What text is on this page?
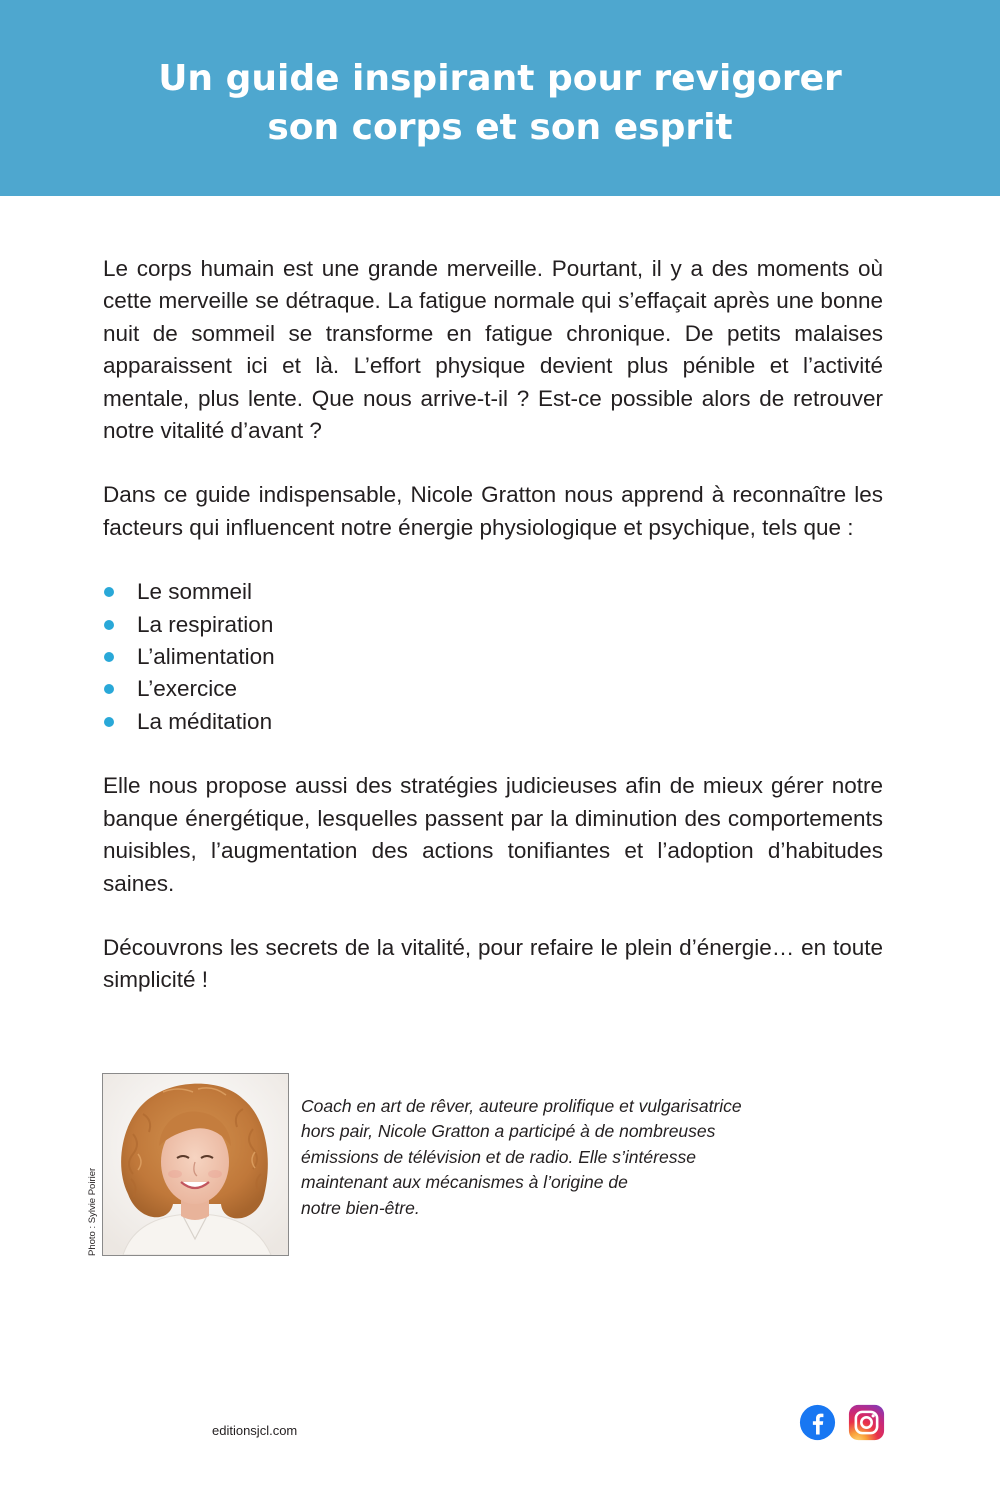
Un guide inspirant pour revigorer
son corps et son esprit

Le corps humain est une grande merveille. Pourtant, il y a des moments où cette merveille se détraque. La fatigue normale qui s’effaçait après une bonne nuit de sommeil se transforme en fatigue chronique. De petits malaises apparaissent ici et là. L’effort physique devient plus pénible et l’activité mentale, plus lente. Que nous arrive-t-il ? Est-ce possible alors de retrouver notre vitalité d’avant ?

Dans ce guide indispensable, Nicole Gratton nous apprend à reconnaître les facteurs qui influencent notre énergie physiologique et psychique, tels que :

Le sommeil
La respiration
L’alimentation
L’exercice
La méditation

Elle nous propose aussi des stratégies judicieuses afin de mieux gérer notre banque énergétique, lesquelles passent par la diminution des comportements nuisibles, l’augmentation des actions tonifiantes et l’adoption d’habitudes saines.

Découvrons les secrets de la vitalité, pour refaire le plein d’énergie… en toute simplicité !

Photo : Sylvie Poirier
Coach en art de rêver, auteure prolifique et vulgarisatrice
hors pair, Nicole Gratton a participé à de nombreuses
émissions de télévision et de radio. Elle s’intéresse
maintenant aux mécanismes à l’origine de
notre bien-être.
editionsjcl.com
